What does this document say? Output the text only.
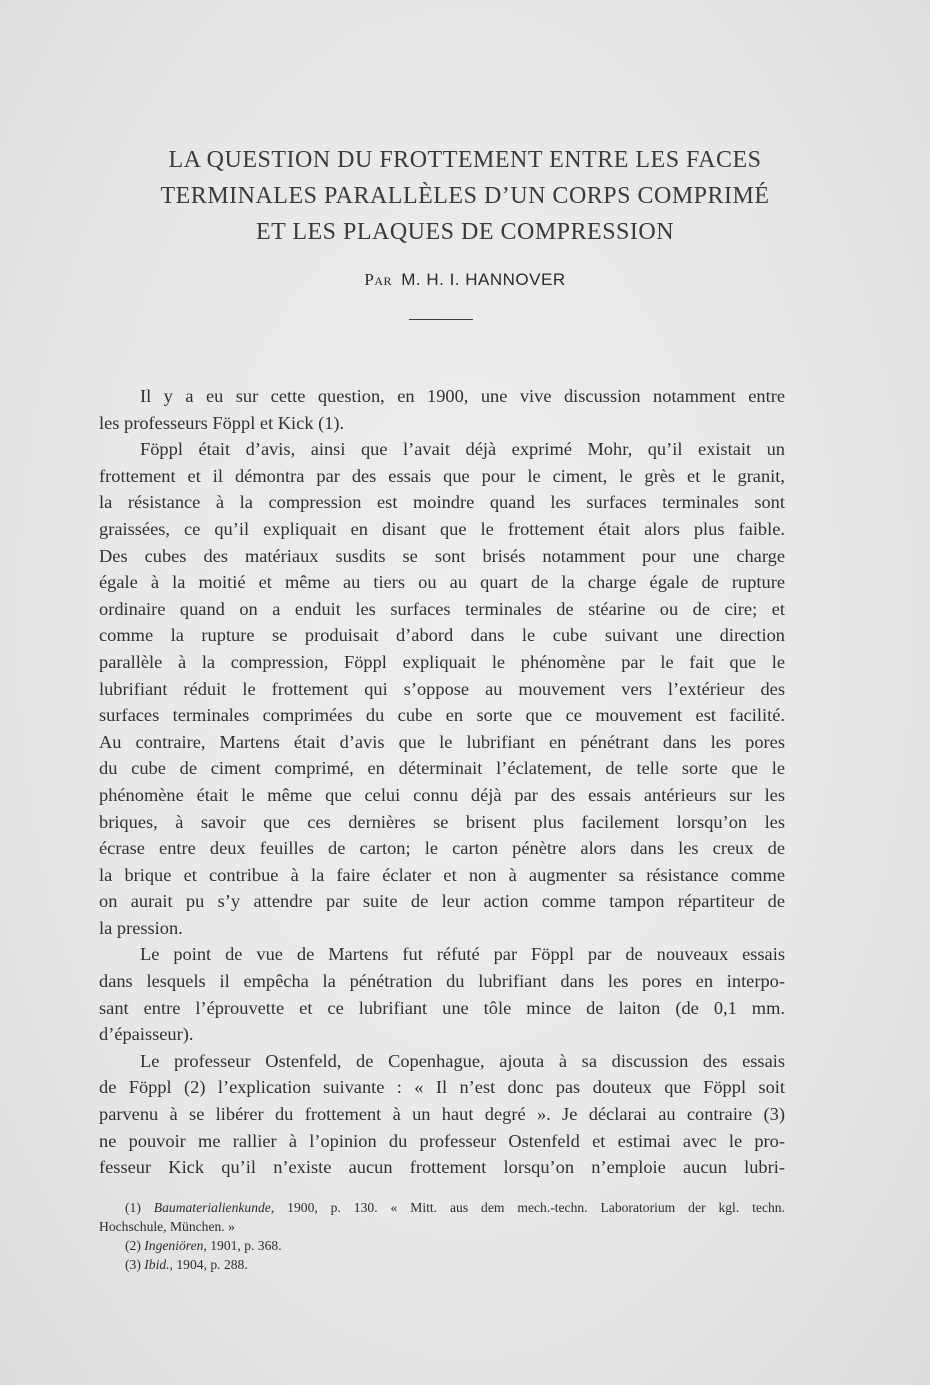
LA QUESTION DU FROTTEMENT ENTRE LES FACES
TERMINALES PARALLÈLES D’UN CORPS COMPRIMÉ
ET LES PLAQUES DE COMPRESSION
Par M. H. I. HANNOVER
Il y a eu sur cette question, en 1900, une vive discussion notamment entre
les professeurs Föppl et Kick (1).
Föppl était d’avis, ainsi que l’avait déjà exprimé Mohr, qu’il existait un
frottement et il démontra par des essais que pour le ciment, le grès et le granit,
la résistance à la compression est moindre quand les surfaces terminales sont
graissées, ce qu’il expliquait en disant que le frottement était alors plus faible.
Des cubes des matériaux susdits se sont brisés notamment pour une charge
égale à la moitié et même au tiers ou au quart de la charge égale de rupture
ordinaire quand on a enduit les surfaces terminales de stéarine ou de cire; et
comme la rupture se produisait d’abord dans le cube suivant une direction
parallèle à la compression, Föppl expliquait le phénomène par le fait que le
lubrifiant réduit le frottement qui s’oppose au mouvement vers l’extérieur des
surfaces terminales comprimées du cube en sorte que ce mouvement est facilité.
Au contraire, Martens était d’avis que le lubrifiant en pénétrant dans les pores
du cube de ciment comprimé, en déterminait l’éclatement, de telle sorte que le
phénomène était le même que celui connu déjà par des essais antérieurs sur les
briques, à savoir que ces dernières se brisent plus facilement lorsqu’on les
écrase entre deux feuilles de carton; le carton pénètre alors dans les creux de
la brique et contribue à la faire éclater et non à augmenter sa résistance comme
on aurait pu s’y attendre par suite de leur action comme tampon répartiteur de
la pression.
Le point de vue de Martens fut réfuté par Föppl par de nouveaux essais
dans lesquels il empêcha la pénétration du lubrifiant dans les pores en interpo-
sant entre l’éprouvette et ce lubrifiant une tôle mince de laiton (de 0,1 mm.
d’épaisseur).
Le professeur Ostenfeld, de Copenhague, ajouta à sa discussion des essais
de Föppl (2) l’explication suivante : « Il n’est donc pas douteux que Föppl soit
parvenu à se libérer du frottement à un haut degré ». Je déclarai au contraire (3)
ne pouvoir me rallier à l’opinion du professeur Ostenfeld et estimai avec le pro-
fesseur Kick qu’il n’existe aucun frottement lorsqu’on n’emploie aucun lubri-
(1) Baumaterialienkunde, 1900, p. 130. « Mitt. aus dem mech.-techn. Laboratorium der kgl. techn.
Hochschule, München. »
(2) Ingeniören, 1901, p. 368.
(3) Ibid., 1904, p. 288.
